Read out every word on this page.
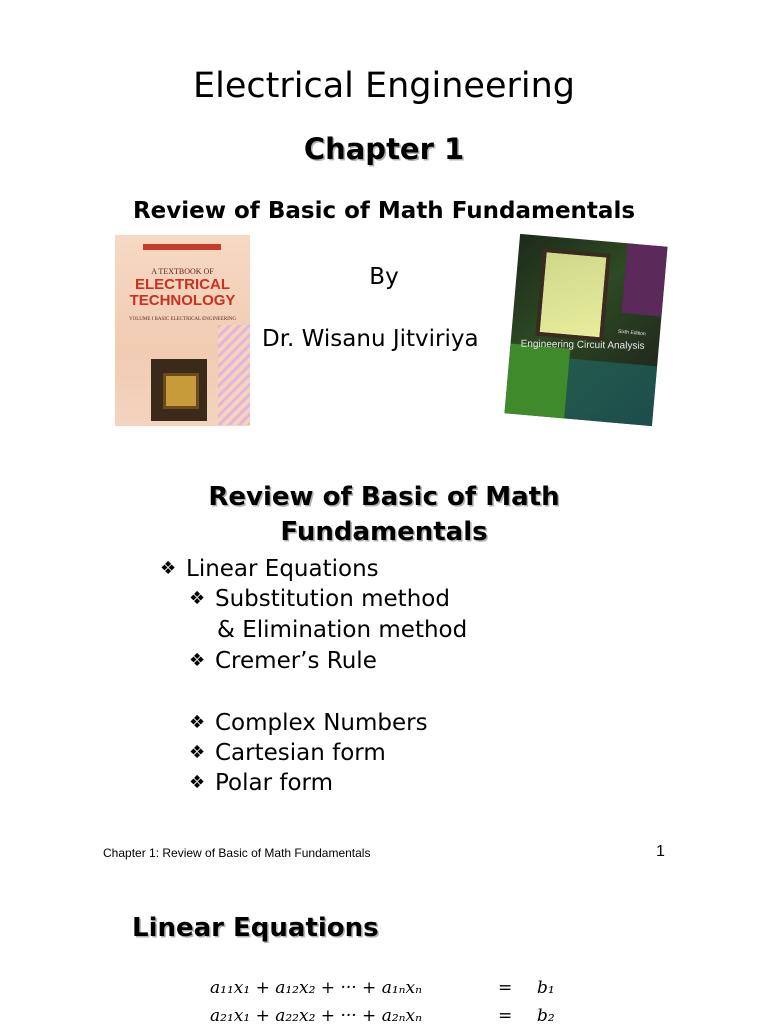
Electrical Engineering
Chapter 1
Review of Basic of Math Fundamentals
A TEXTBOOK OF
ELECTRICAL
TECHNOLOGY
VOLUME I BASIC ELECTRICAL ENGINEERING
By
Dr. Wisanu Jitviriya	Sixth Edition
Engineering Circuit Analysis
Review of Basic of Math
Fundamentals
❖ Linear Equations
❖ Substitution method
& Elimination method
❖ Cremer’s Rule
❖ Complex Numbers
❖ Cartesian form
❖ Polar form
Chapter 1: Review of Basic of Math Fundamentals	1
Linear Equations
a₁₁x₁ + a₁₂x₂ + ··· + a₁ₙxₙ	= b₁
a₂₁x₁ + a₂₂x₂ + ··· + a₂ₙxₙ	= b₂
